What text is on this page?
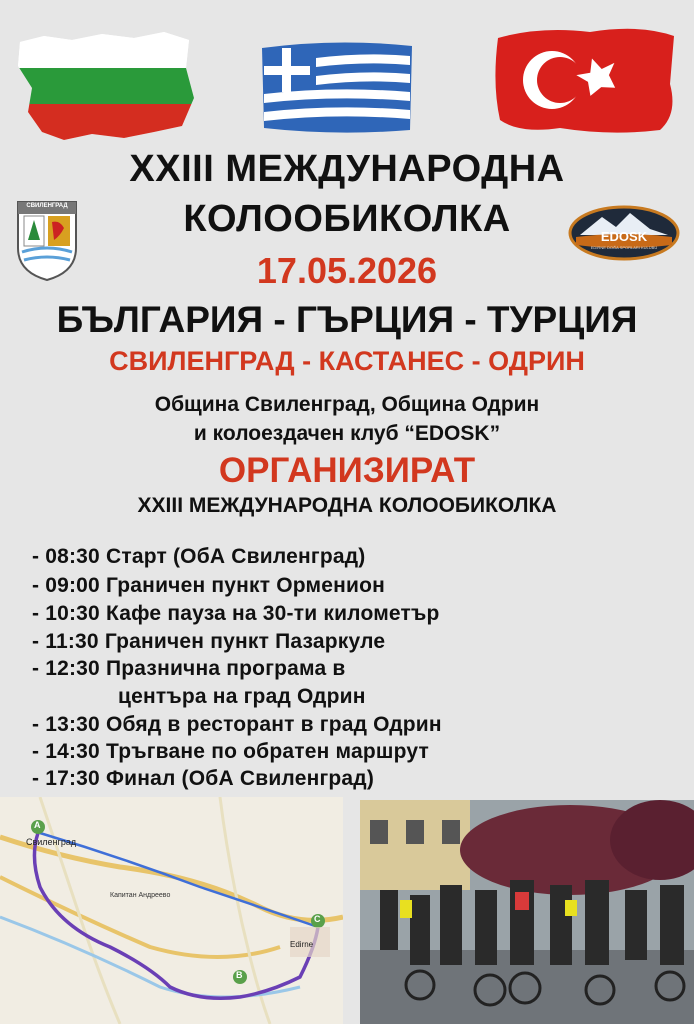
СВИЛЕНГРАД
EDOSK
EDIRNE DOĞA SPORLARI KULÜBÜ
XXIII МЕЖДУНАРОДНА
КОЛООБИКОЛКА
17.05.2026
БЪЛГАРИЯ - ГЪРЦИЯ - ТУРЦИЯ
СВИЛЕНГРАД - КАСТАНЕС - ОДРИН
Община Свиленград, Община Одрин
и колоездачен клуб “EDOSK”
ОРГАНИЗИРАТ
XXIII МЕЖДУНАРОДНА КОЛООБИКОЛКА
- 08:30 Старт (ОбА Свиленград)
- 09:00 Граничен пункт Орменион
- 10:30 Кафе пауза на 30-ти километър
- 11:30 Граничен пункт Пазаркуле
- 12:30 Празнична програма в
центъра на град Одрин
- 13:30 Обяд в ресторант в град Одрин
- 14:30 Тръгване по обратен маршрут
- 17:30 Финал (ОбА Свиленград)
A
B
C
Свиленград
Капитан Андреево
Edirne
